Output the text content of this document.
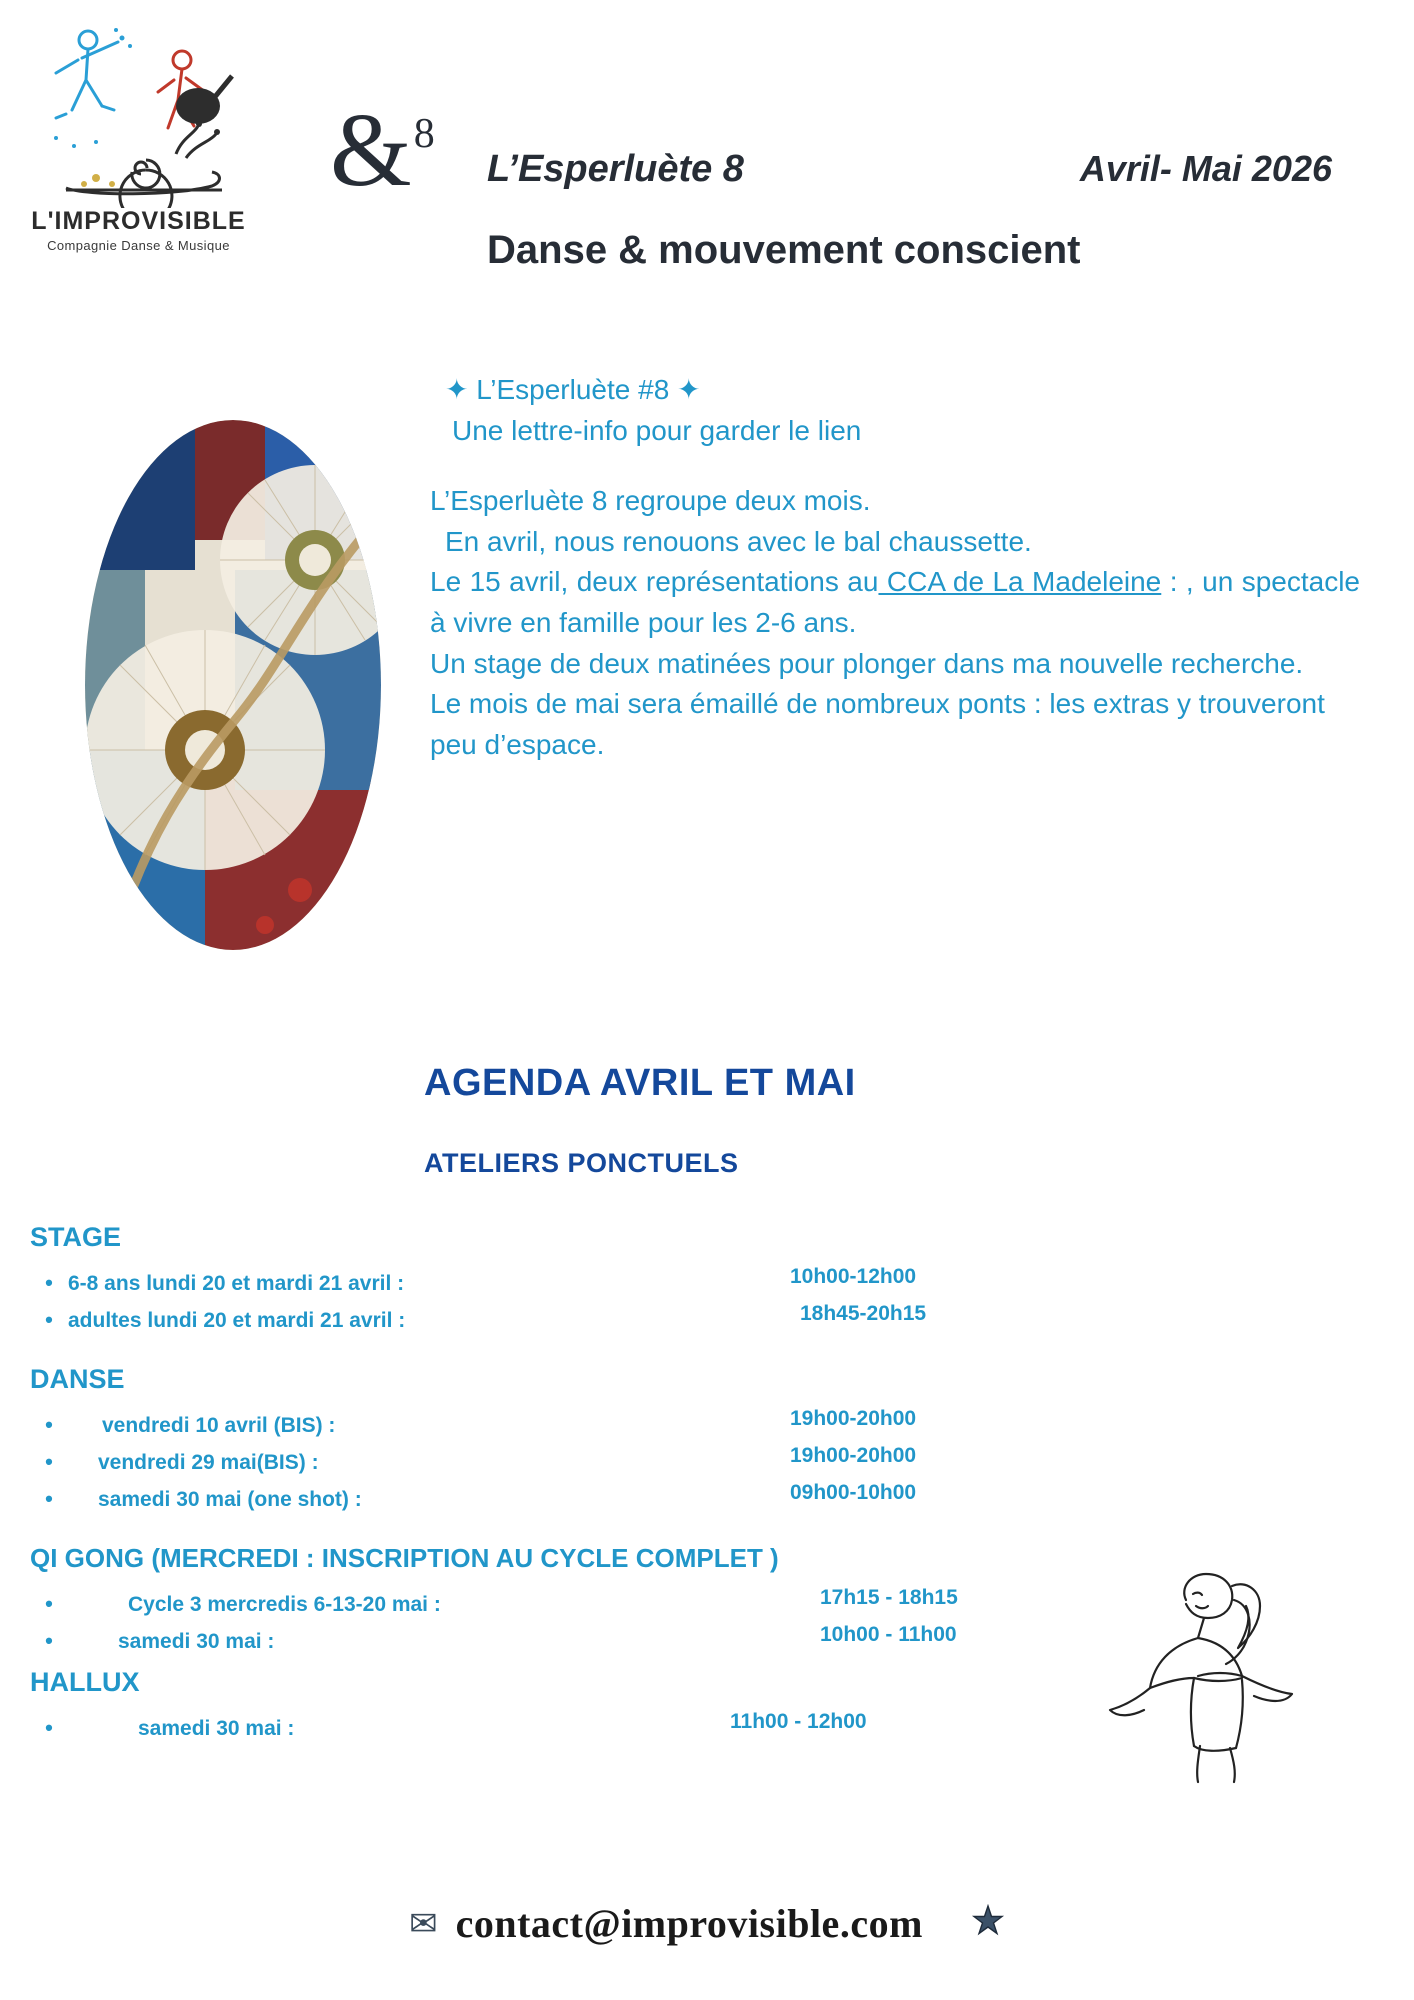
L'IMPROVISIBLE
Compagnie Danse & Musique
& 8
L’Esperluète 8	Avril- Mai 2026
Danse & mouvement conscient

✦ L’Esperluète #8 ✦

Une lettre-info pour garder le lien

L’Esperluète 8 regroupe deux mois.

En avril, nous renouons avec le bal chaussette.

Le 15 avril, deux représentations au CCA de La Madeleine : , un spectacle à vivre en famille pour les 2-6 ans.

Un stage de deux matinées pour plonger dans ma nouvelle recherche.

Le mois de mai sera émaillé de nombreux ponts : les extras y trouveront peu d’espace.

AGENDA AVRIL ET MAI
ATELIERS PONCTUELS
STAGE
• 6-8 ans lundi 20 et mardi 21 avril :	10h00-12h00
• adultes lundi 20 et mardi 21 avril :	18h45-20h15
DANSE
•	vendredi 10 avril (BIS) :	19h00-20h00
•	vendredi 29 mai(BIS) :	19h00-20h00
•	samedi 30 mai (one shot) :	09h00-10h00
QI GONG (MERCREDI : INSCRIPTION AU CYCLE COMPLET )
•	Cycle 3 mercredis 6-13-20 mai :	17h15 - 18h15
•	samedi 30 mai :	10h00 - 11h00
HALLUX
•	samedi 30 mai :	11h00 - 12h00
✉ contact@improvisible.com
